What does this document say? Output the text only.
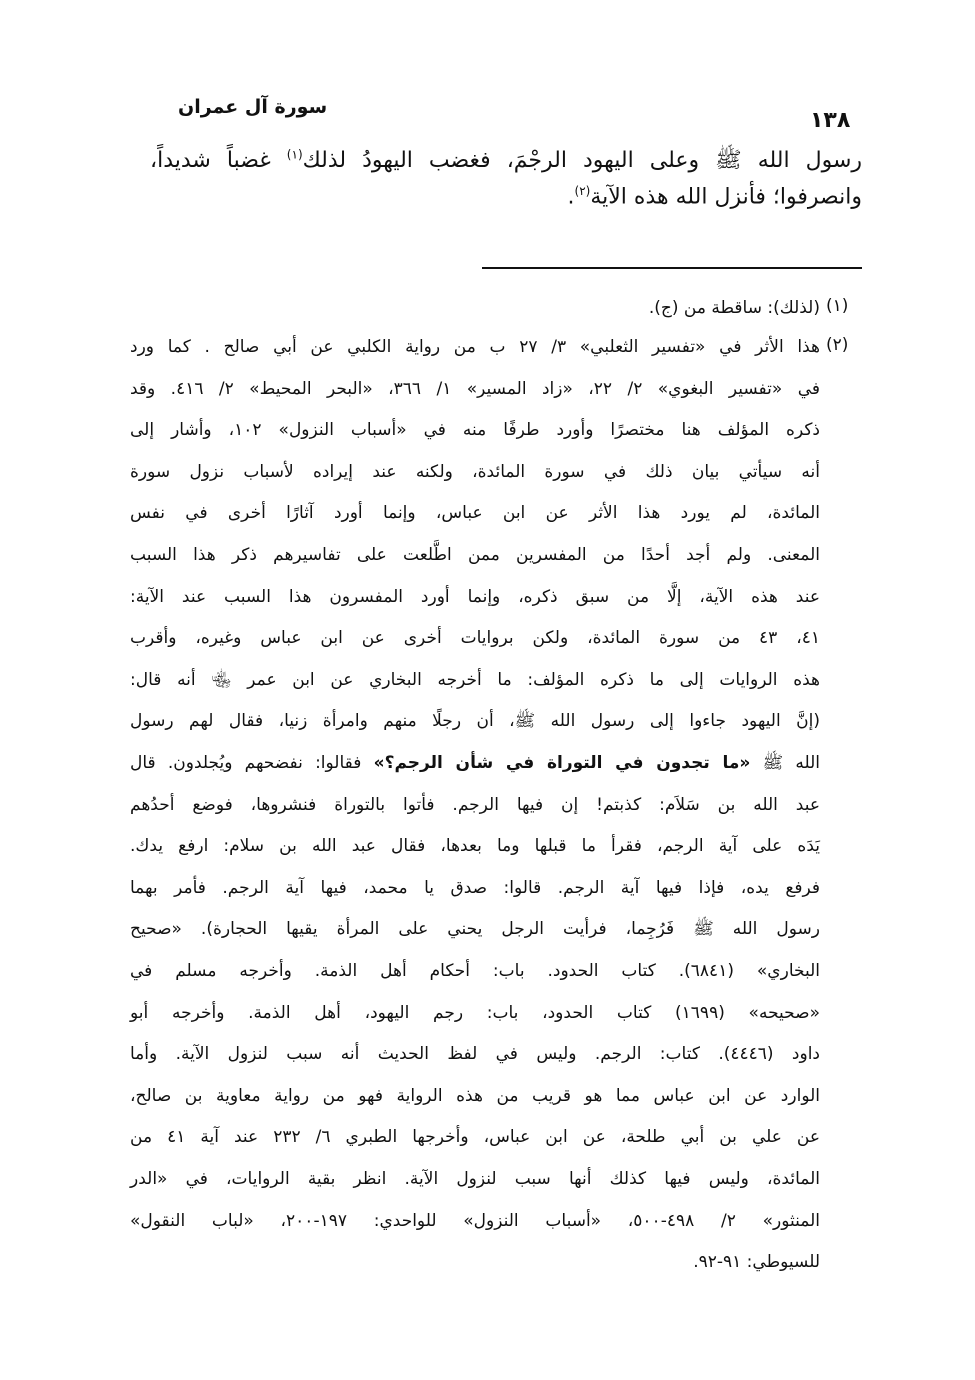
سورة آل عمران
١٣٨
رسول الله ﷺ وعلى اليهود الرجْمَ، فغضب اليهودُ لذلك$^{(١)}$ غضباً شديداً،
وانصرفوا؛ فأنزل الله هذه الآية$^{(٢)}$.
(١)
(لذلك): ساقطة من (ج).
(٢)
هذا الأثر في «تفسير الثعلبي» ٣/ ٢٧ ب من رواية الكلبي عن أبي صالح . كما ورد
في «تفسير البغوي» ٢/ ٢٢، «زاد المسير» ١/ ٣٦٦، «البحر المحيط» ٢/ ٤١٦. وقد
ذكره المؤلف هنا مختصرًا وأورد طرفًا منه في «أسباب النزول» ١٠٢، وأشار إلى
أنه سيأتي بيان ذلك في سورة المائدة، ولكنه عند إيراده لأسباب نزول سورة
المائدة، لم يورد هذا الأثر عن ابن عباس، وإنما أورد آثارًا أخرى في نفس
المعنى. ولم أجد أحدًا من المفسرين ممن اطَّلعت على تفاسيرهم ذكر هذا السبب
عند هذه الآية، إلَّا من سبق ذكره، وإنما أورد المفسرون هذا السبب عند الآية:
٤١، ٤٣ من سورة المائدة، ولكن بروايات أخرى عن ابن عباس وغيره، وأقرب
هذه الروايات إلى ما ذكره المؤلف: ما أخرجه البخاري عن ابن عمر ﵄ أنه قال:
(إنَّ اليهود جاءوا إلى رسول الله ﷺ، أن رجلًا منهم وامرأة زنيا، فقال لهم رسول
الله ﷺ «ما تجدون في التوراة في شأن الرجم؟» فقالوا: نفضحهم ويُجلدون. قال
عبد الله بن سَلاَم: كذبتم! إن فيها الرجم. فأتوا بالتوراة فنشروها، فوضع أحدُهم
يَدَه على آية الرجم، فقرأ ما قبلها وما بعدها، فقال عبد الله بن سلام: ارفع يدك.
فرفع يده، فإذا فيها آية الرجم. قالوا: صدق يا محمد، فيها آية الرجم. فأمر بهما
رسول الله ﷺ فَرُجِما، فرأيت الرجل يحني على المرأة يقيها الحجارة). «صحيح
البخاري» (٦٨٤١). كتاب الحدود. باب: أحكام أهل الذمة. وأخرجه مسلم في
«صحيحه» (١٦٩٩) كتاب الحدود، باب: رجم اليهود، أهل الذمة. وأخرجه أبو
داود (٤٤٤٦). كتاب: الرجم. وليس في لفظ الحديث أنه سبب لنزول الآية. وأما
الوارد عن ابن عباس مما هو قريب من هذه الرواية فهو من رواية معاوية بن صالح،
عن علي بن أبي طلحة، عن ابن عباس، وأخرجها الطبري ٦/ ٢٣٢ عند آية ٤١ من
المائدة، وليس فيها كذلك أنها سبب لنزول الآية. انظر بقية الروايات، في «الدر
المنثور» ٢/ ٤٩٨-٥٠٠، «أسباب النزول» للواحدي: ١٩٧-٢٠٠، «لباب النقول»
للسيوطي: ٩١-٩٢.
